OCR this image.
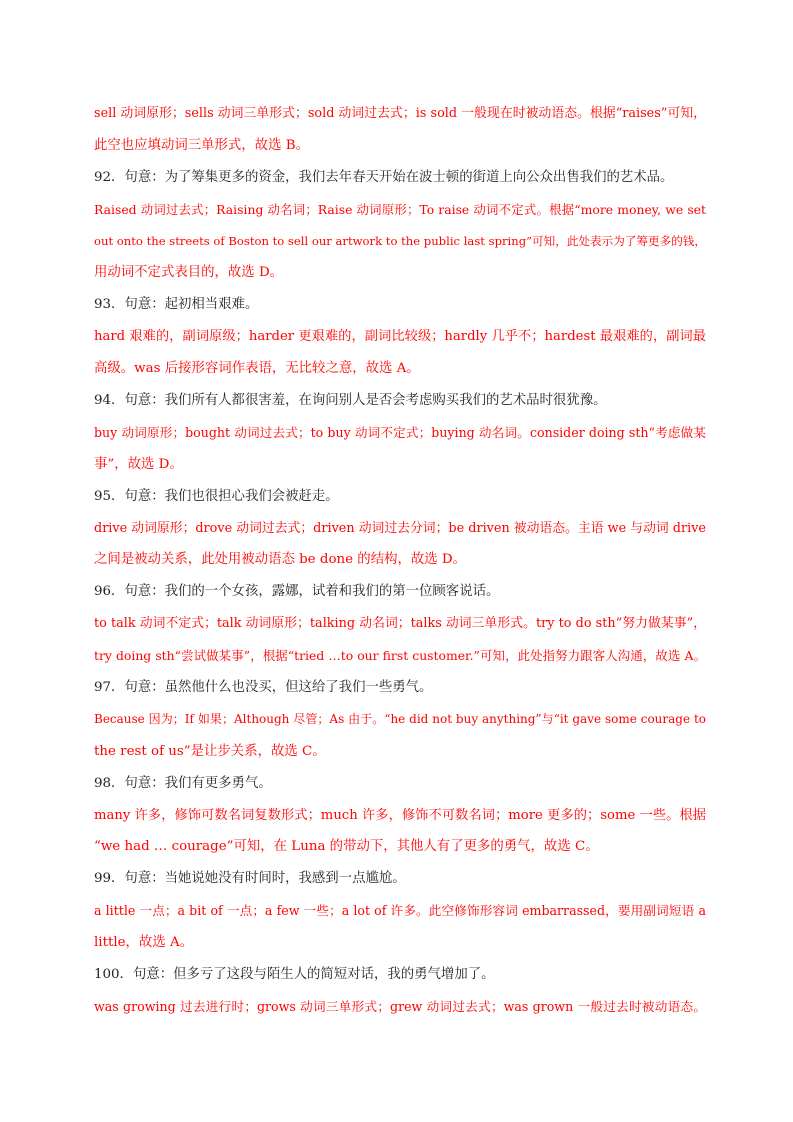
sell 动词原形；sells 动词三单形式；sold 动词过去式；is sold 一般现在时被动语态。根据“raises”可知，
此空也应填动词三单形式，故选 B。
92．句意：为了筹集更多的资金，我们去年春天开始在波士顿的街道上向公众出售我们的艺术品。
Raised 动词过去式；Raising 动名词；Raise 动词原形；To raise 动词不定式。根据“more money, we set
out onto the streets of Boston to sell our artwork to the public last spring”可知，此处表示为了筹更多的钱，
用动词不定式表目的，故选 D。
93．句意：起初相当艰难。
hard 艰难的，副词原级；harder 更艰难的，副词比较级；hardly 几乎不；hardest 最艰难的，副词最
高级。was 后接形容词作表语，无比较之意，故选 A。
94．句意：我们所有人都很害羞，在询问别人是否会考虑购买我们的艺术品时很犹豫。
buy 动词原形；bought 动词过去式；to buy 动词不定式；buying 动名词。consider doing sth“考虑做某
事”，故选 D。
95．句意：我们也很担心我们会被赶走。
drive 动词原形；drove 动词过去式；driven 动词过去分词；be driven 被动语态。主语 we 与动词 drive
之间是被动关系，此处用被动语态 be done 的结构，故选 D。
96．句意：我们的一个女孩，露娜，试着和我们的第一位顾客说话。
to talk 动词不定式；talk 动词原形；talking 动名词；talks 动词三单形式。try to do sth“努力做某事”，
try doing sth“尝试做某事”，根据“tried …to our first customer.”可知，此处指努力跟客人沟通，故选 A。
97．句意：虽然他什么也没买，但这给了我们一些勇气。
Because 因为；If 如果；Although 尽管；As 由于。“he did not buy anything”与“it gave some courage to
the rest of us”是让步关系，故选 C。
98．句意：我们有更多勇气。
many 许多，修饰可数名词复数形式；much 许多，修饰不可数名词；more 更多的；some 一些。根据
“we had … courage”可知，在 Luna 的带动下，其他人有了更多的勇气，故选 C。
99．句意：当她说她没有时间时，我感到一点尴尬。
a little 一点；a bit of 一点；a few 一些；a lot of 许多。此空修饰形容词 embarrassed，要用副词短语 a
little，故选 A。
100．句意：但多亏了这段与陌生人的简短对话，我的勇气增加了。
was growing 过去进行时；grows 动词三单形式；grew 动词过去式；was grown 一般过去时被动语态。
